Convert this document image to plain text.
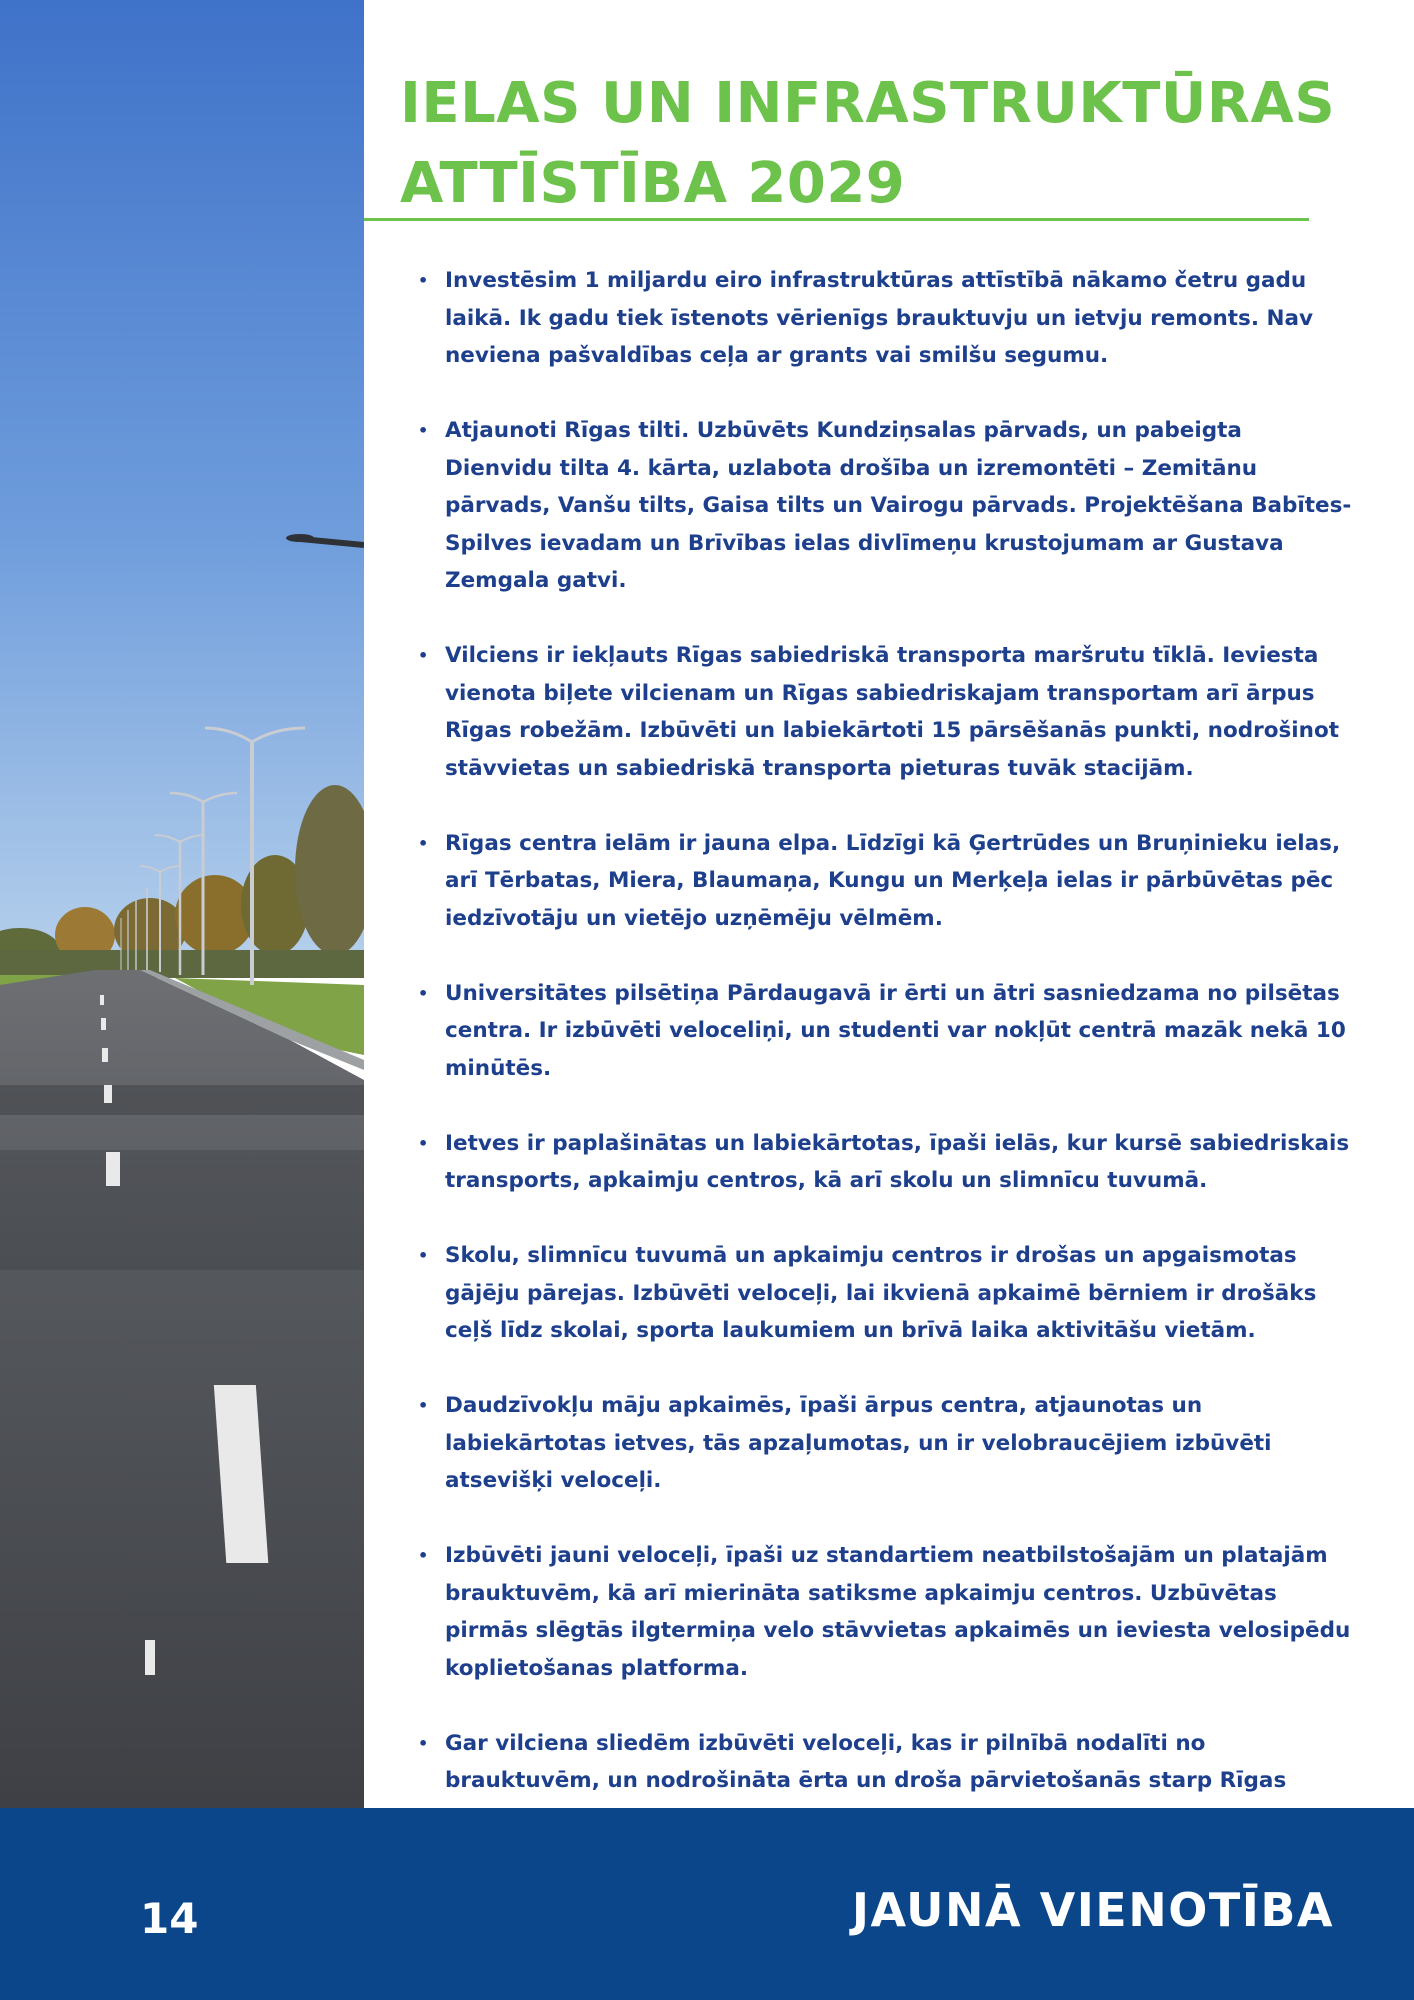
IELAS UN INFRASTRUKTŪRAS
ATTĪSTĪBA 2029
• Investēsim 1 miljardu eiro infrastruktūras attīstībā nākamo četru gadu laikā. Ik gadu tiek īstenots vērienīgs brauktuvju un ietvju remonts. Nav neviena pašvaldības ceļa ar grants vai smilšu segumu.
• Atjaunoti Rīgas tilti. Uzbūvēts Kundziņsalas pārvads, un pabeigta Dienvidu tilta 4. kārta, uzlabota drošība un izremontēti – Zemitānu pārvads, Vanšu tilts, Gaisa tilts un Vairogu pārvads. Projektēšana Babītes-Spilves ievadam un Brīvības ielas divlīmeņu krustojumam ar Gustava Zemgala gatvi.
• Vilciens ir iekļauts Rīgas sabiedriskā transporta maršrutu tīklā. Ieviesta vienota biļete vilcienam un Rīgas sabiedriskajam transportam arī ārpus Rīgas robežām. Izbūvēti un labiekārtoti 15 pārsēšanās punkti, nodrošinot stāvvietas un sabiedriskā transporta pieturas tuvāk stacijām.
• Rīgas centra ielām ir jauna elpa. Līdzīgi kā Ģertrūdes un Bruņinieku ielas, arī Tērbatas, Miera, Blaumaņa, Kungu un Merķeļa ielas ir pārbūvētas pēc iedzīvotāju un vietējo uzņēmēju vēlmēm.
• Universitātes pilsētiņa Pārdaugavā ir ērti un ātri sasniedzama no pilsētas centra. Ir izbūvēti veloceliņi, un studenti var nokļūt centrā mazāk nekā 10 minūtēs.
• Ietves ir paplašinātas un labiekārtotas, īpaši ielās, kur kursē sabiedriskais transports, apkaimju centros, kā arī skolu un slimnīcu tuvumā.
• Skolu, slimnīcu tuvumā un apkaimju centros ir drošas un apgaismotas gājēju pārejas. Izbūvēti veloceļi, lai ikvienā apkaimē bērniem ir drošāks ceļš līdz skolai, sporta laukumiem un brīvā laika aktivitāšu vietām.
• Daudzīvokļu māju apkaimēs, īpaši ārpus centra, atjaunotas un labiekārtotas ietves, tās apzaļumotas, un ir velobraucējiem izbūvēti atsevišķi veloceļi.
• Izbūvēti jauni veloceļi, īpaši uz standartiem neatbilstošajām un platajām brauktuvēm, kā arī mierināta satiksme apkaimju centros. Uzbūvētas pirmās slēgtās ilgtermiņa velo stāvvietas apkaimēs un ieviesta velosipēdu koplietošanas platforma.
• Gar vilciena sliedēm izbūvēti veloceļi, kas ir pilnībā nodalīti no brauktuvēm, un nodrošināta ērta un droša pārvietošanās starp Rīgas
14	JAUNĀ VIENOTĪBA
